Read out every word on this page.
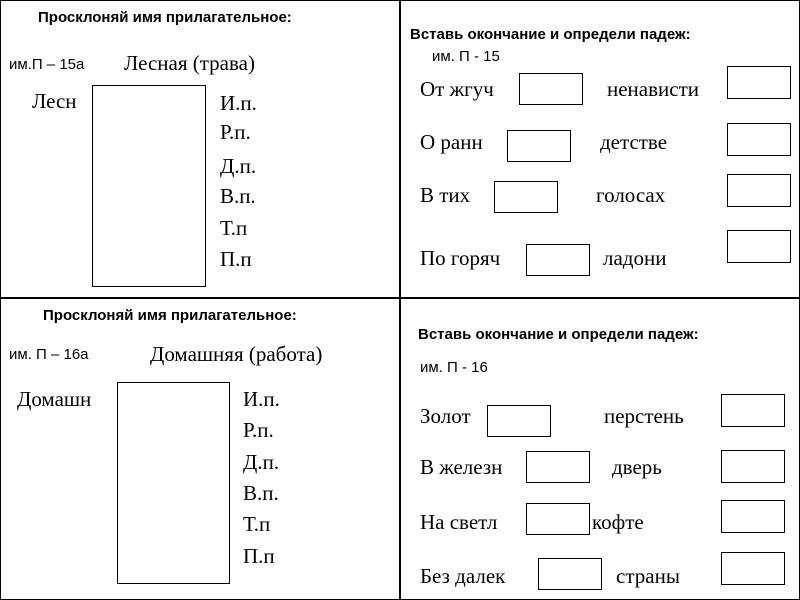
Просклоняй имя прилагательное:
им.П – 15а Лесная (трава)
Лесн	И.п.
Р.п.
Д.п.
В.п.
Т.п
П.п
Вставь окончание и определи падеж:
им. П - 15
От жгуч	ненависти
О ранн	детстве
В тих	голосах
По горяч	ладони
Просклоняй имя прилагательное:
им. П – 16а	Домашняя (работа)
Домашн	И.п.
Р.п.
Д.п.
В.п.
Т.п
П.п
Вставь окончание и определи падеж:
им. П - 16
Золот	перстень
В железн	дверь
На светл	кофте
Без далек	страны
